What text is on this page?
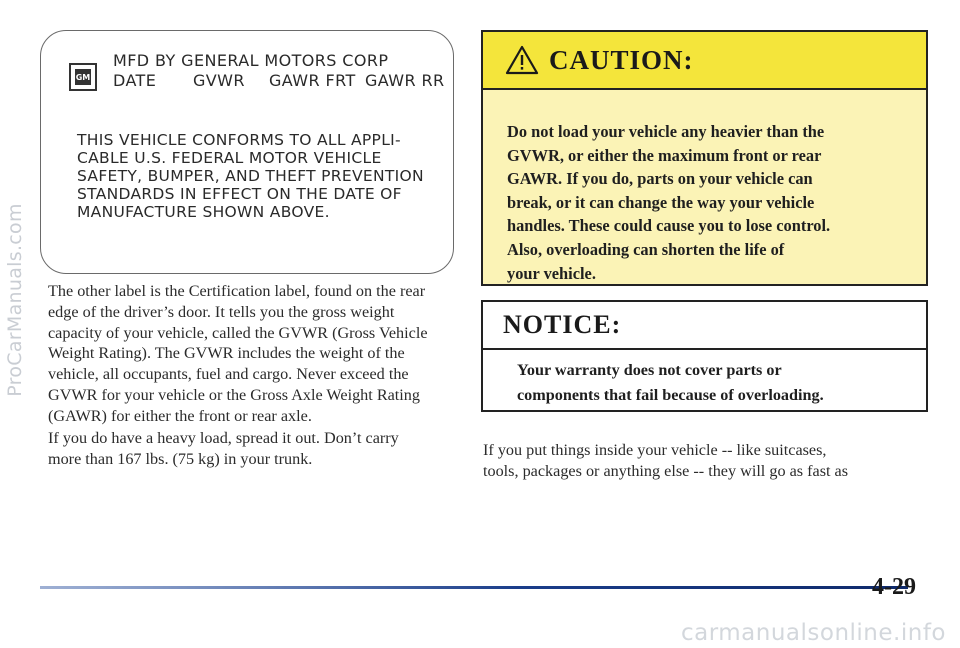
ProCarManuals.com
GM
MFD BY GENERAL MOTORS CORP
DATE GVWR GAWR FRT GAWR RR
THIS VEHICLE CONFORMS TO ALL APPLI-
CABLE U.S. FEDERAL MOTOR VEHICLE
SAFETY, BUMPER, AND THEFT PREVENTION
STANDARDS IN EFFECT ON THE DATE OF
MANUFACTURE SHOWN ABOVE.
The other label is the Certification label, found on the rear
edge of the driver’s door. It tells you the gross weight
capacity of your vehicle, called the GVWR (Gross Vehicle
Weight Rating). The GVWR includes the weight of the
vehicle, all occupants, fuel and cargo. Never exceed the
GVWR for your vehicle or the Gross Axle Weight Rating
(GAWR) for either the front or rear axle.
If you do have a heavy load, spread it out. Don’t carry
more than 167 lbs. (75 kg) in your trunk.
CAUTION:
Do not load your vehicle any heavier than the
GVWR, or either the maximum front or rear
GAWR. If you do, parts on your vehicle can
break, or it can change the way your vehicle
handles. These could cause you to lose control.
Also, overloading can shorten the life of
your vehicle.
NOTICE:
Your warranty does not cover parts or
components that fail because of overloading.
If you put things inside your vehicle -- like suitcases,
tools, packages or anything else -- they will go as fast as
4-29
carmanualsonline.info
